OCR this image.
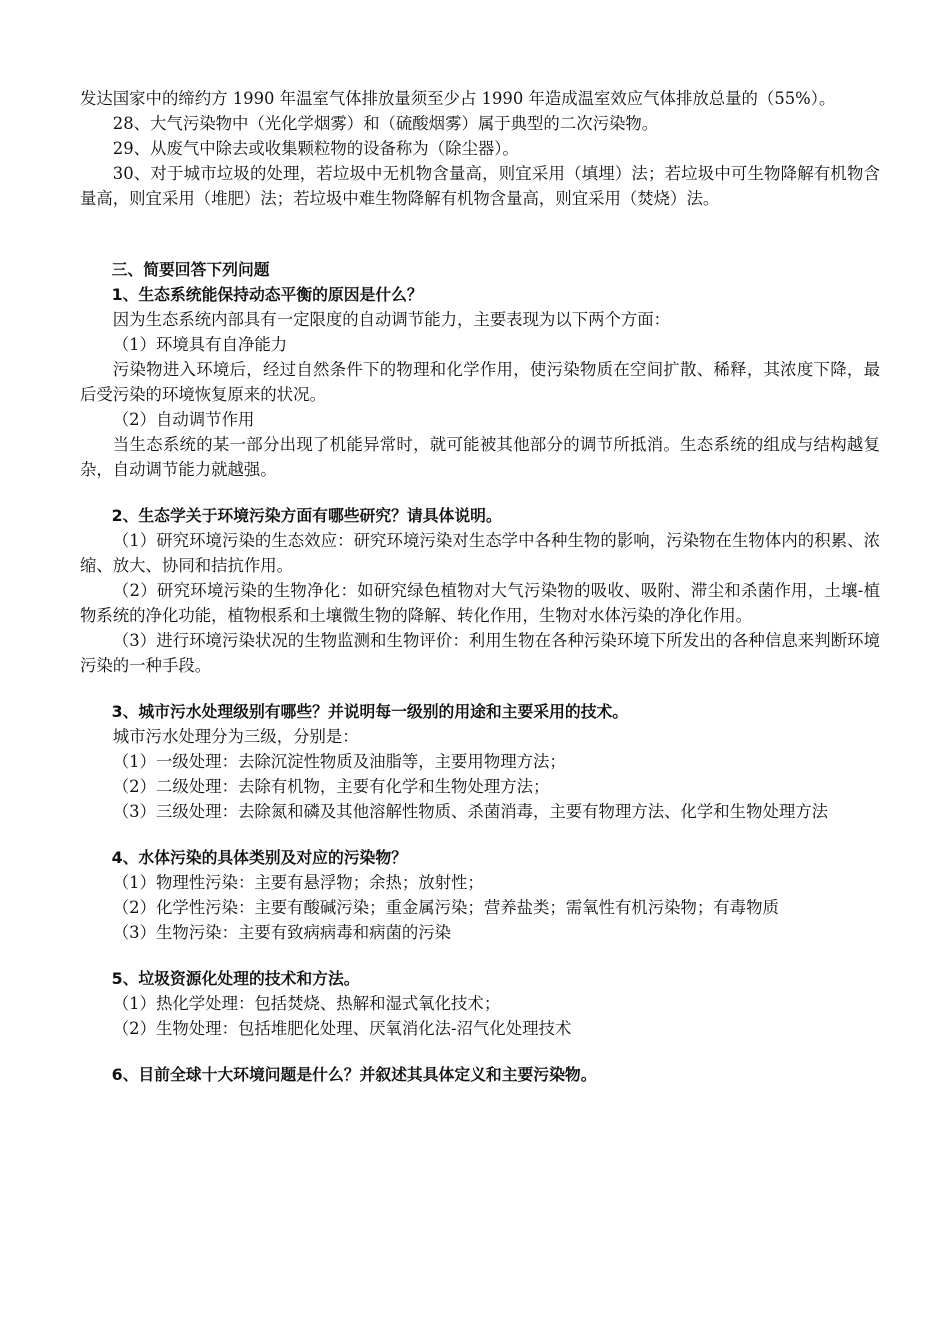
发达国家中的缔约方 1990 年温室气体排放量须至少占 1990 年造成温室效应气体排放总量的（55%）。

28、大气污染物中（光化学烟雾）和（硫酸烟雾）属于典型的二次污染物。

29、从废气中除去或收集颗粒物的设备称为（除尘器）。

30、对于城市垃圾的处理，若垃圾中无机物含量高，则宜采用（填埋）法；若垃圾中可生物降解有机物含量高，则宜采用（堆肥）法；若垃圾中难生物降解有机物含量高，则宜采用（焚烧）法。

三、简要回答下列问题

1、生态系统能保持动态平衡的原因是什么？

因为生态系统内部具有一定限度的自动调节能力，主要表现为以下两个方面：

（1）环境具有自净能力

污染物进入环境后，经过自然条件下的物理和化学作用，使污染物质在空间扩散、稀释，其浓度下降，最后受污染的环境恢复原来的状况。

（2）自动调节作用

当生态系统的某一部分出现了机能异常时，就可能被其他部分的调节所抵消。生态系统的组成与结构越复杂，自动调节能力就越强。

2、生态学关于环境污染方面有哪些研究？请具体说明。

（1）研究环境污染的生态效应：研究环境污染对生态学中各种生物的影响，污染物在生物体内的积累、浓缩、放大、协同和拮抗作用。

（2）研究环境污染的生物净化：如研究绿色植物对大气污染物的吸收、吸附、滞尘和杀菌作用，土壤-植物系统的净化功能，植物根系和土壤微生物的降解、转化作用，生物对水体污染的净化作用。

（3）进行环境污染状况的生物监测和生物评价：利用生物在各种污染环境下所发出的各种信息来判断环境污染的一种手段。

3、城市污水处理级别有哪些？并说明每一级别的用途和主要采用的技术。

城市污水处理分为三级，分别是：

（1）一级处理：去除沉淀性物质及油脂等，主要用物理方法；

（2）二级处理：去除有机物，主要有化学和生物处理方法；

（3）三级处理：去除氮和磷及其他溶解性物质、杀菌消毒，主要有物理方法、化学和生物处理方法

4、水体污染的具体类别及对应的污染物？

（1）物理性污染：主要有悬浮物；余热；放射性；

（2）化学性污染：主要有酸碱污染；重金属污染；营养盐类；需氧性有机污染物；有毒物质

（3）生物污染：主要有致病病毒和病菌的污染

5、垃圾资源化处理的技术和方法。

（1）热化学处理：包括焚烧、热解和湿式氧化技术；

（2）生物处理：包括堆肥化处理、厌氧消化法-沼气化处理技术

6、目前全球十大环境问题是什么？并叙述其具体定义和主要污染物。
